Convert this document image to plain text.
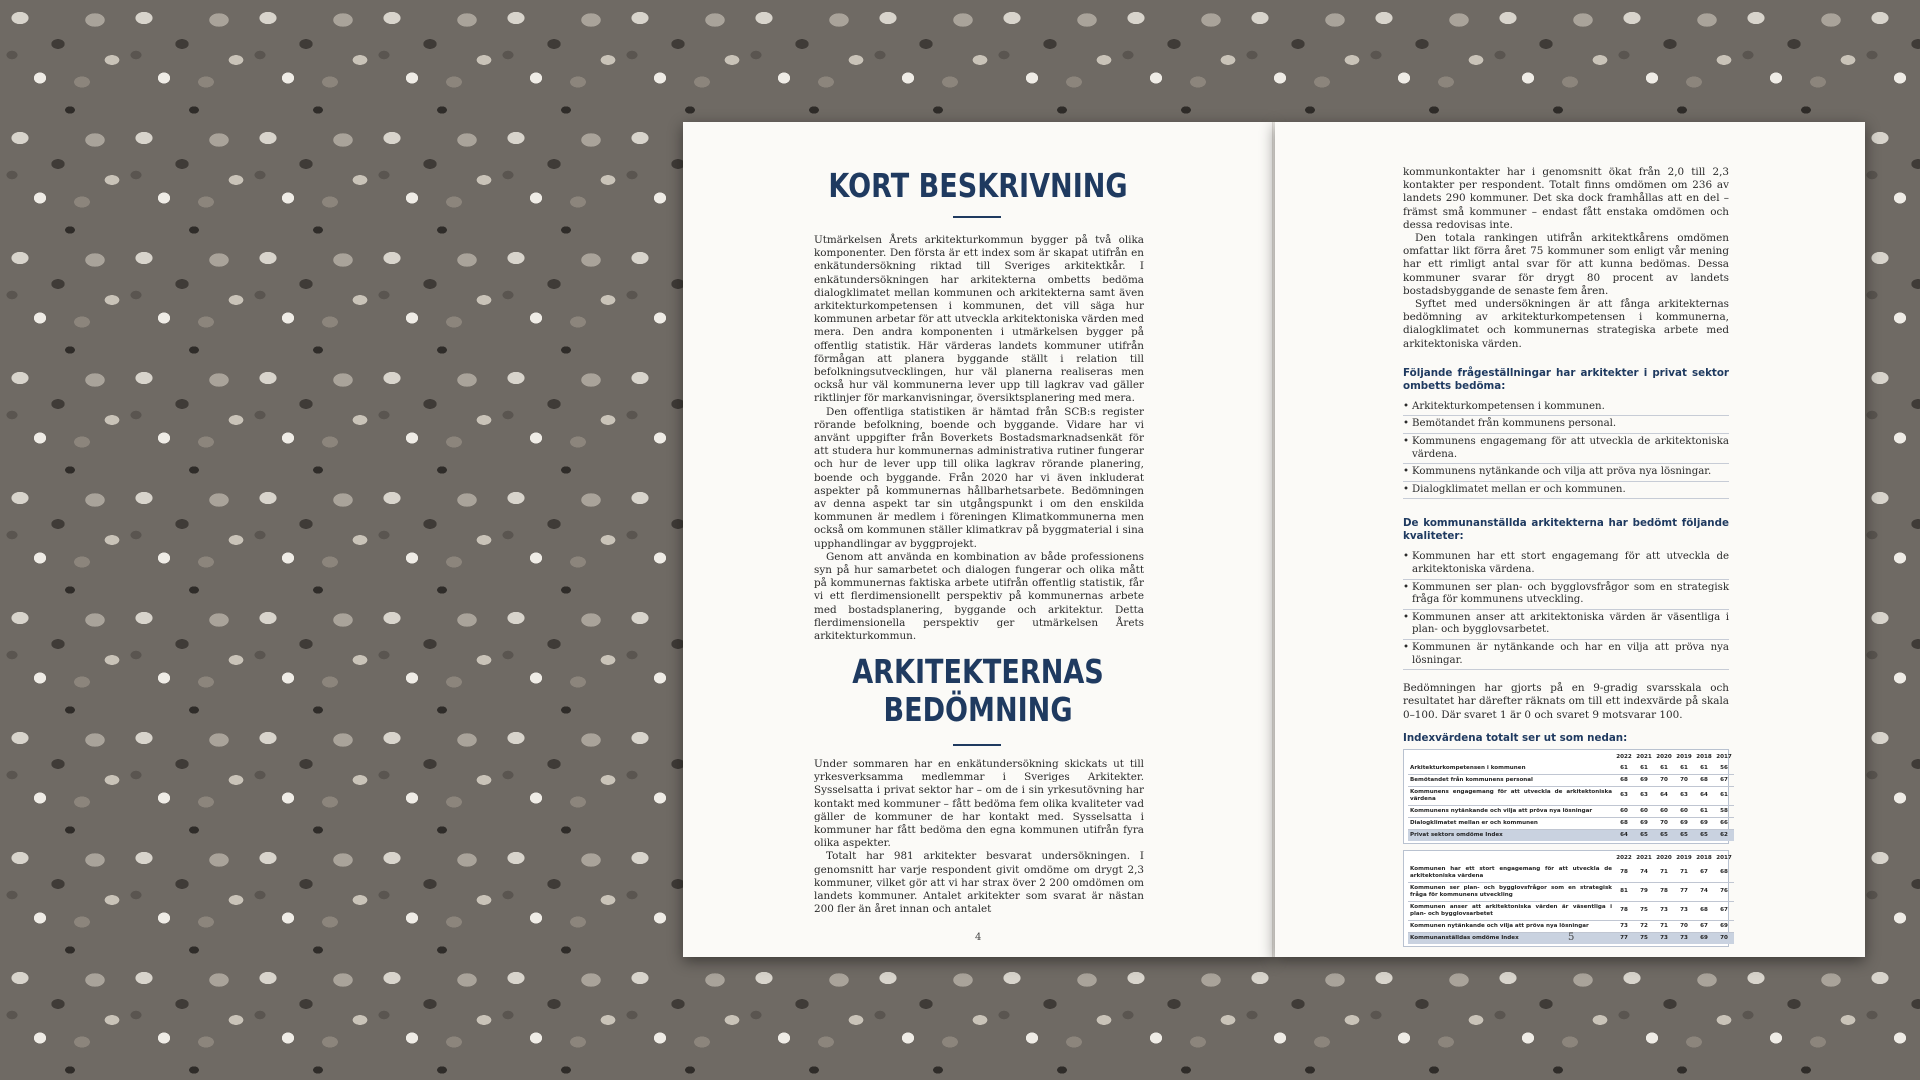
KORT BESKRIVNING

Utmärkelsen Årets arkitekturkommun bygger på två olika komponenter. Den första är ett index som är skapat utifrån en enkätundersökning riktad till Sveriges arkitektkår. I enkätundersökningen har arkitekterna ombetts bedöma dialogklimatet mellan kommunen och arkitekterna samt även arkitekturkompetensen i kommunen, det vill säga hur kommunen arbetar för att utveckla arkitektoniska värden med mera. Den andra komponenten i utmärkelsen bygger på offentlig statistik. Här värderas landets kommuner utifrån förmågan att planera byggande ställt i relation till befolkningsutvecklingen, hur väl planerna realiseras men också hur väl kommunerna lever upp till lagkrav vad gäller riktlinjer för markanvisningar, översiktsplanering med mera.

Den offentliga statistiken är hämtad från SCB:s register rörande befolkning, boende och byggande. Vidare har vi använt uppgifter från Boverkets Bostadsmarknadsenkät för att studera hur kommunernas administrativa rutiner fungerar och hur de lever upp till olika lagkrav rörande planering, boende och byggande. Från 2020 har vi även inkluderat aspekter på kommunernas hållbarhetsarbete. Bedömningen av denna aspekt tar sin utgångspunkt i om den enskilda kommunen är medlem i föreningen Klimatkommunerna men också om kommunen ställer klimatkrav på byggmaterial i sina upphandlingar av byggprojekt.

Genom att använda en kombination av både professionens syn på hur samarbetet och dialogen fungerar och olika mått på kommunernas faktiska arbete utifrån offentlig statistik, får vi ett flerdimensionellt perspektiv på kommunernas arbete med bostadsplanering, byggande och arkitektur. Detta flerdimensionella perspektiv ger utmärkelsen Årets arkitekturkommun.

ARKITEKTERNAS
BEDÖMNING

Under sommaren har en enkätundersökning skickats ut till yrkesverksamma medlemmar i Sveriges Arkitekter. Sysselsatta i privat sektor har – om de i sin yrkesutövning har kontakt med kommuner – fått bedöma fem olika kvaliteter vad gäller de kommuner de har kontakt med. Sysselsatta i kommuner har fått bedöma den egna kommunen utifrån fyra olika aspekter.

Totalt har 981 arkitekter besvarat undersökningen. I genomsnitt har varje respondent givit omdöme om drygt 2,3 kommuner, vilket gör att vi har strax över 2 200 omdömen om landets kommuner. Antalet arkitekter som svarat är nästan 200 fler än året innan och antalet

4

kommunkontakter har i genomsnitt ökat från 2,0 till 2,3 kontakter per respondent. Totalt finns omdömen om 236 av landets 290 kommuner. Det ska dock framhållas att en del – främst små kommuner – endast fått enstaka omdömen och dessa redovisas inte.

Den totala rankingen utifrån arkitektkårens omdömen omfattar likt förra året 75 kommuner som enligt vår mening har ett rimligt antal svar för att kunna bedömas. Dessa kommuner svarar för drygt 80 procent av landets bostadsbyggande de senaste fem åren.

Syftet med undersökningen är att fånga arkitekternas bedömning av arkitekturkompetensen i kommunerna, dialogklimatet och kommunernas strategiska arbete med arkitektoniska värden.

Följande frågeställningar har arkitekter i privat sektor ombetts bedöma:

• Arkitekturkompetensen i kommunen.
• Bemötandet från kommunens personal.
• Kommunens engagemang för att utveckla de arkitektoniska värdena.
• Kommunens nytänkande och vilja att pröva nya lösningar.
• Dialogklimatet mellan er och kommunen.

De kommunanställda arkitekterna har bedömt följande kvaliteter:

• Kommunen har ett stort engagemang för att utveckla de arkitektoniska värdena.
• Kommunen ser plan- och bygglovsfrågor som en strategisk fråga för kommunens utveckling.
• Kommunen anser att arkitektoniska värden är väsentliga i plan- och bygglovsarbetet.
• Kommunen är nytänkande och har en vilja att pröva nya lösningar.

Bedömningen har gjorts på en 9-gradig svarsskala och resultatet har därefter räknats om till ett indexvärde på skala 0–100. Där svaret 1 är 0 och svaret 9 motsvarar 100.

Indexvärdena totalt ser ut som nedan:

	2022	2021	2020	2019	2018	2017
Arkitekturkompetensen i kommunen	61	61	61	61	61	56
Bemötandet från kommunens personal	68	69	70	70	68	67
Kommunens engagemang för att utveckla de arkitektoniska värdena	63	63	64	63	64	61
Kommunens nytänkande och vilja att pröva nya lösningar	60	60	60	60	61	58
Dialogklimatet mellan er och kommunen	68	69	70	69	69	66
Privat sektors omdöme Index	64	65	65	65	65	62
	2022	2021	2020	2019	2018	2017
Kommunen har ett stort engagemang för att utveckla de arkitektoniska värdena	78	74	71	71	67	68
Kommunen ser plan- och bygglovsfrågor som en strategisk fråga för kommunens utveckling	81	79	78	77	74	76
Kommunen anser att arkitektoniska värden är väsentliga i plan- och bygglovsarbetet	78	75	73	73	68	67
Kommunen nytänkande och vilja att pröva nya lösningar	73	72	71	70	67	69
Kommunanställdas omdöme Index	77	75	73	73	69	70
5
